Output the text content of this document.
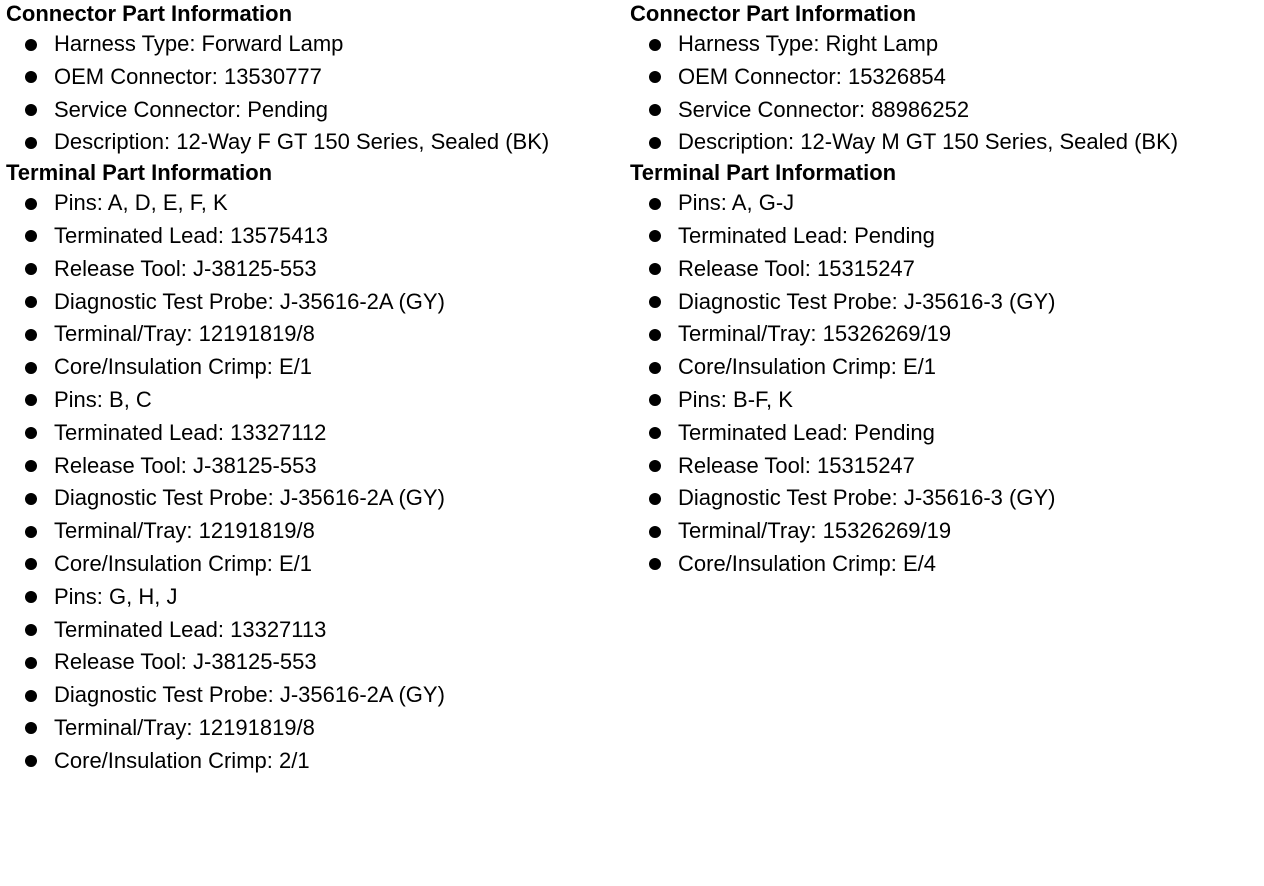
Connector Part Information
Harness Type: Forward Lamp
OEM Connector: 13530777
Service Connector: Pending
Description: 12-Way F GT 150 Series, Sealed (BK)
Terminal Part Information
Pins: A, D, E, F, K
Terminated Lead: 13575413
Release Tool: J-38125-553
Diagnostic Test Probe: J-35616-2A (GY)
Terminal/Tray: 12191819/8
Core/Insulation Crimp: E/1
Pins: B, C
Terminated Lead: 13327112
Release Tool: J-38125-553
Diagnostic Test Probe: J-35616-2A (GY)
Terminal/Tray: 12191819/8
Core/Insulation Crimp: E/1
Pins: G, H, J
Terminated Lead: 13327113
Release Tool: J-38125-553
Diagnostic Test Probe: J-35616-2A (GY)
Terminal/Tray: 12191819/8
Core/Insulation Crimp: 2/1
Connector Part Information
Harness Type: Right Lamp
OEM Connector: 15326854
Service Connector: 88986252
Description: 12-Way M GT 150 Series, Sealed (BK)
Terminal Part Information
Pins: A, G-J
Terminated Lead: Pending
Release Tool: 15315247
Diagnostic Test Probe: J-35616-3 (GY)
Terminal/Tray: 15326269/19
Core/Insulation Crimp: E/1
Pins: B-F, K
Terminated Lead: Pending
Release Tool: 15315247
Diagnostic Test Probe: J-35616-3 (GY)
Terminal/Tray: 15326269/19
Core/Insulation Crimp: E/4
